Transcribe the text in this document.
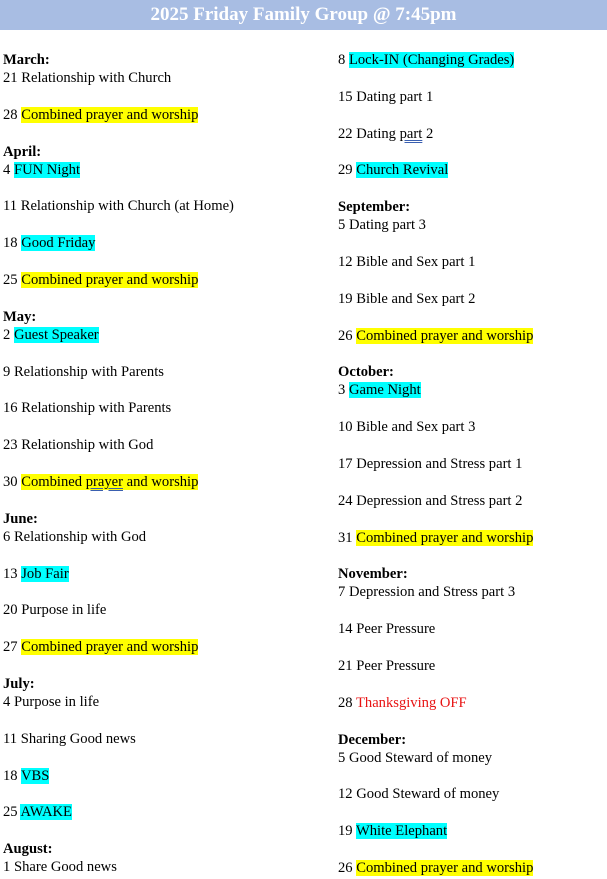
2025 Friday Family Group @ 7:45pm
March:
21 Relationship with Church
28 Combined prayer and worship
April:
4 FUN Night
11 Relationship with Church (at Home)
18 Good Friday
25 Combined prayer and worship
May:
2 Guest Speaker
9 Relationship with Parents
16 Relationship with Parents
23 Relationship with God
30 Combined prayer and worship
June:
6 Relationship with God
13 Job Fair
20 Purpose in life
27 Combined prayer and worship
July:
4 Purpose in life
11 Sharing Good news
18 VBS
25 AWAKE
August:
1 Share Good news
8 Lock-IN (Changing Grades)
15 Dating part 1
22 Dating part 2
29 Church Revival
September:
5 Dating part 3
12 Bible and Sex part 1
19 Bible and Sex part 2
26 Combined prayer and worship
October:
3 Game Night
10 Bible and Sex part 3
17 Depression and Stress part 1
24 Depression and Stress part 2
31 Combined prayer and worship
November:
7 Depression and Stress part 3
14 Peer Pressure
21 Peer Pressure
28 Thanksgiving OFF
December:
5 Good Steward of money
12 Good Steward of money
19 White Elephant
26 Combined prayer and worship
